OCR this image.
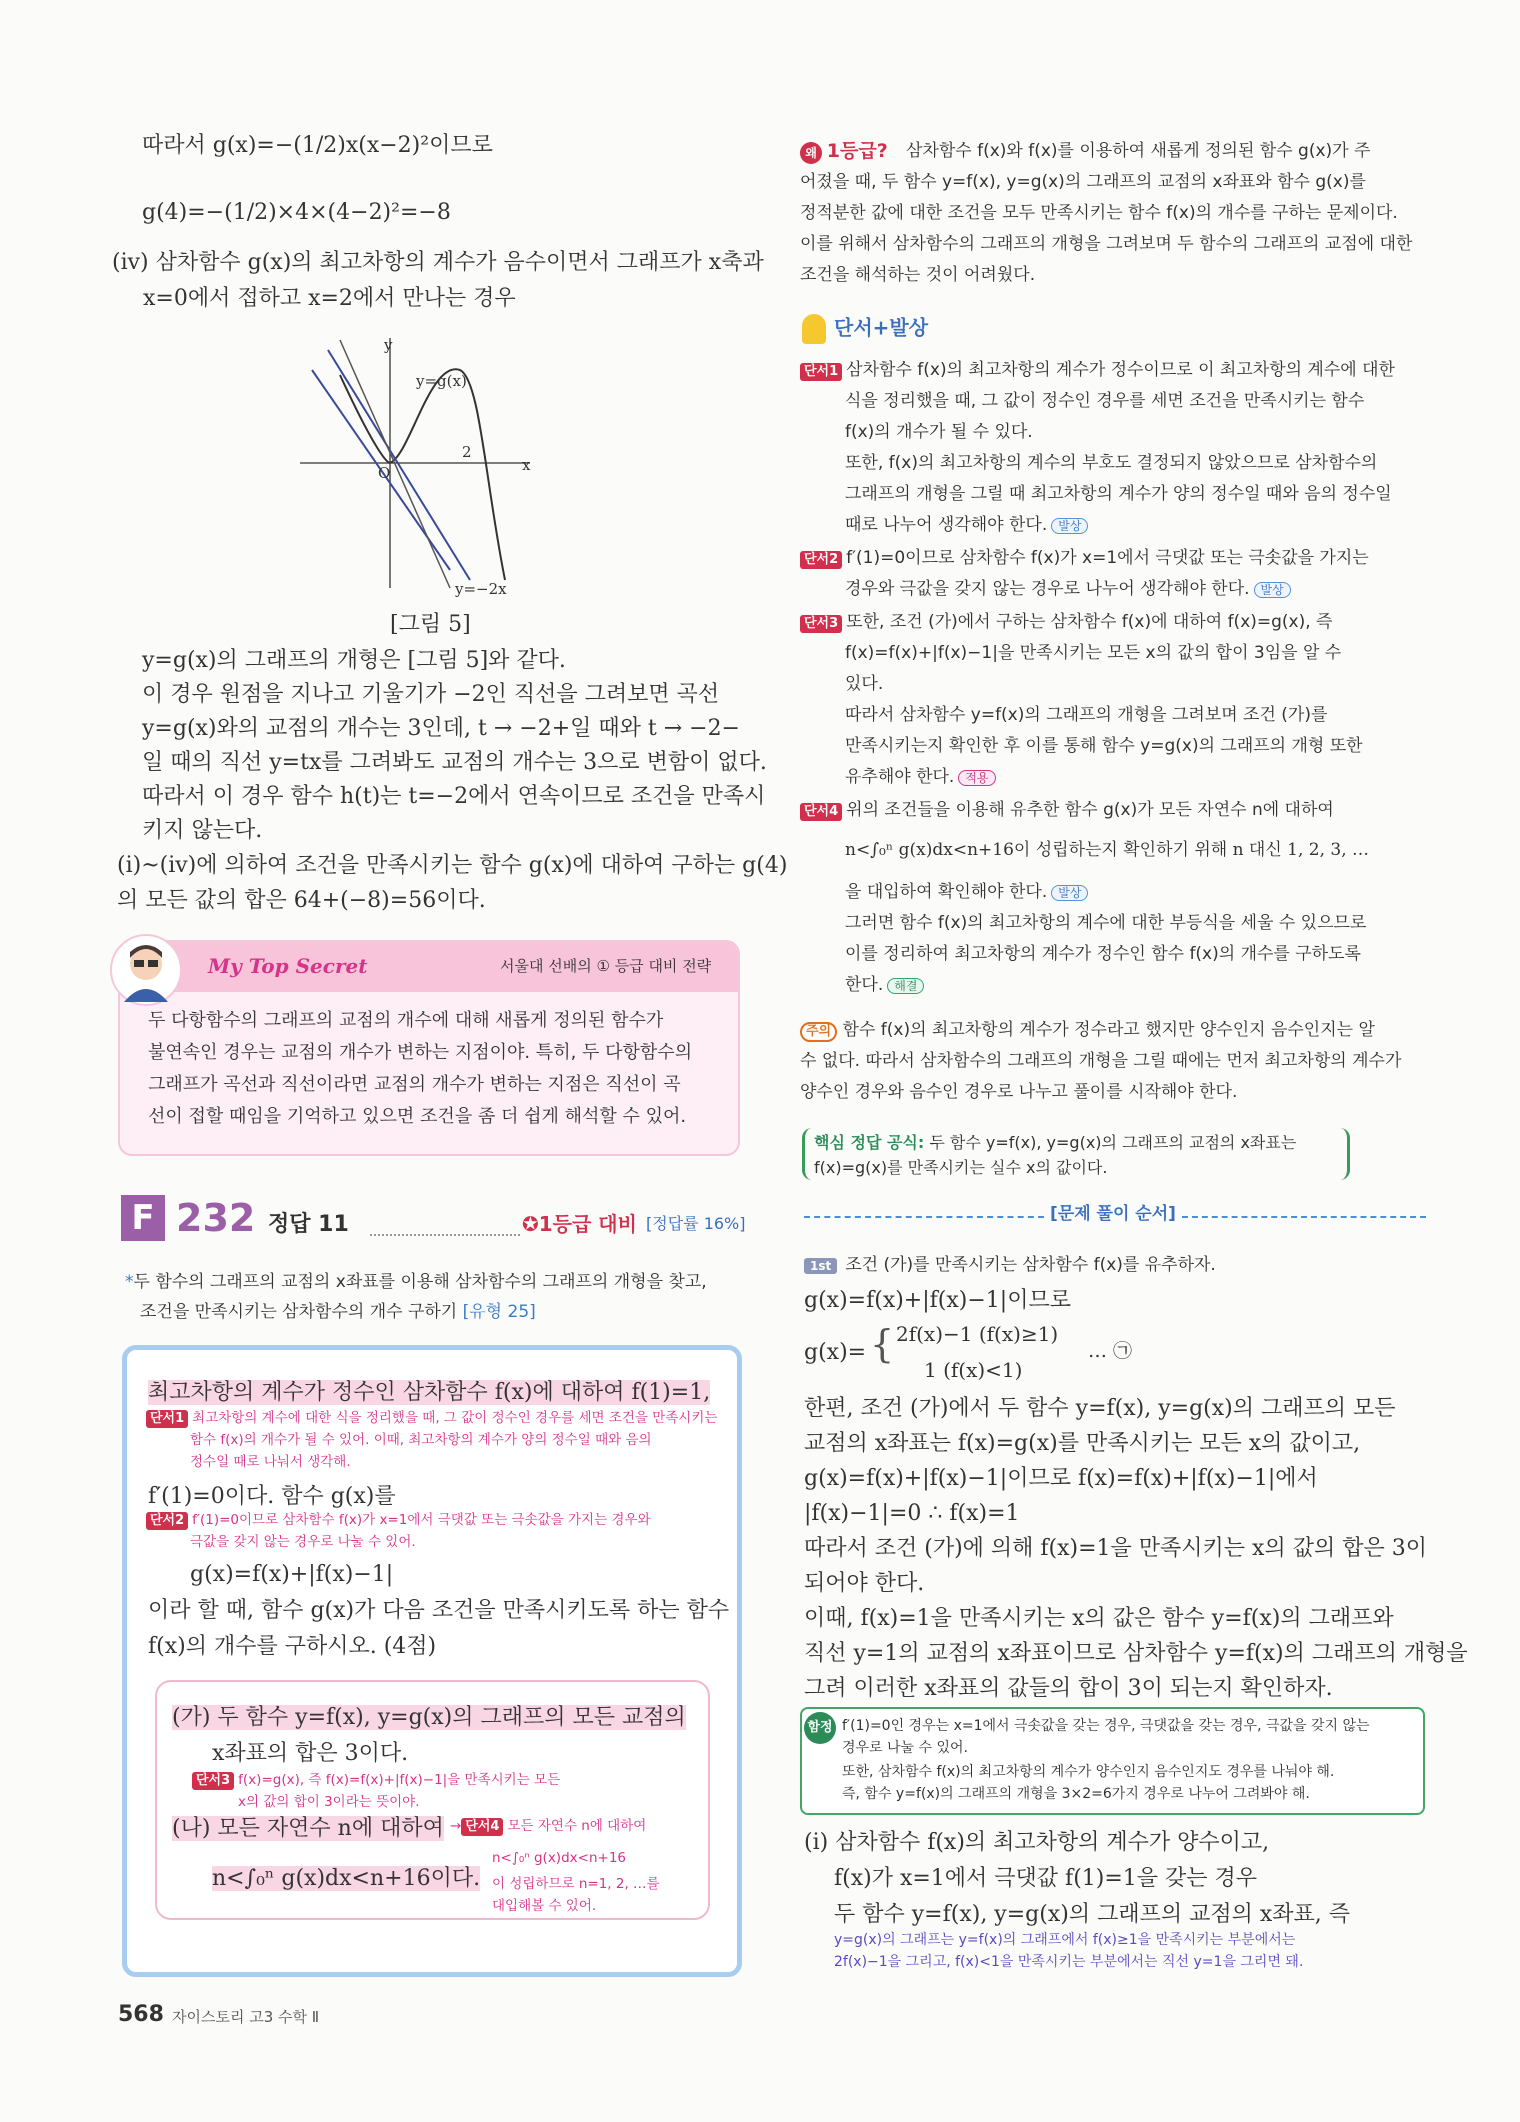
따라서 g(x)=−(1/2)x(x−2)²이므로
g(4)=−(1/2)×4×(4−2)²=−8
(iv) 삼차함수 g(x)의 최고차항의 계수가 음수이면서 그래프가 x축과
x=0에서 접하고 x=2에서 만나는 경우
y
y=g(x)
2
O	x
y=−2x
[그림 5]
y=g(x)의 그래프의 개형은 [그림 5]와 같다.
이 경우 원점을 지나고 기울기가 −2인 직선을 그려보면 곡선
y=g(x)와의 교점의 개수는 3인데, t → −2+일 때와 t → −2−
일 때의 직선 y=tx를 그려봐도 교점의 개수는 3으로 변함이 없다.
따라서 이 경우 함수 h(t)는 t=−2에서 연속이므로 조건을 만족시
키지 않는다.
(i)~(iv)에 의하여 조건을 만족시키는 함수 g(x)에 대하여 구하는 g(4)
의 모든 값의 합은 64+(−8)=56이다.
My Top Secret	서울대 선배의 ① 등급 대비 전략
두 다항함수의 그래프의 교점의 개수에 대해 새롭게 정의된 함수가
불연속인 경우는 교점의 개수가 변하는 지점이야. 특히, 두 다항함수의
그래프가 곡선과 직선이라면 교점의 개수가 변하는 지점은 직선이 곡
선이 접할 때임을 기억하고 있으면 조건을 좀 더 쉽게 해석할 수 있어.
F 232 정답 11	✪1등급 대비 [정답률 16%]
*두 함수의 그래프의 교점의 x좌표를 이용해 삼차함수의 그래프의 개형을 찾고,
조건을 만족시키는 삼차함수의 개수 구하기 [유형 25]
최고차항의 계수가 정수인 삼차함수 f(x)에 대하여 f(1)=1,
단서1 최고차항의 계수에 대한 식을 정리했을 때, 그 값이 정수인 경우를 세면 조건을 만족시키는
함수 f(x)의 개수가 될 수 있어. 이때, 최고차항의 계수가 양의 정수일 때와 음의
정수일 때로 나눠서 생각해.
f′(1)=0이다. 함수 g(x)를
단서2 f′(1)=0이므로 삼차함수 f(x)가 x=1에서 극댓값 또는 극솟값을 가지는 경우와
극값을 갖지 않는 경우로 나눌 수 있어.
g(x)=f(x)+|f(x)−1|
이라 할 때, 함수 g(x)가 다음 조건을 만족시키도록 하는 함수
f(x)의 개수를 구하시오. (4점)
(가) 두 함수 y=f(x), y=g(x)의 그래프의 모든 교점의
x좌표의 합은 3이다.
단서3 f(x)=g(x), 즉 f(x)=f(x)+|f(x)−1|을 만족시키는 모든
x의 값의 합이 3이라는 뜻이야.
(나) 모든 자연수 n에 대하여 → 단서4 모든 자연수 n에 대하여
n<∫₀ⁿ g(x)dx<n+16이다.
n<∫₀ⁿ g(x)dx<n+16
이 성립하므로 n=1, 2, …를
대입해볼 수 있어.
왜 1등급? 삼차함수 f(x)와 f(x)를 이용하여 새롭게 정의된 함수 g(x)가 주
어졌을 때, 두 함수 y=f(x), y=g(x)의 그래프의 교점의 x좌표와 함수 g(x)를
정적분한 값에 대한 조건을 모두 만족시키는 함수 f(x)의 개수를 구하는 문제이다.
이를 위해서 삼차함수의 그래프의 개형을 그려보며 두 함수의 그래프의 교점에 대한
조건을 해석하는 것이 어려웠다.
단서+발상
단서1 삼차함수 f(x)의 최고차항의 계수가 정수이므로 이 최고차항의 계수에 대한
식을 정리했을 때, 그 값이 정수인 경우를 세면 조건을 만족시키는 함수
f(x)의 개수가 될 수 있다.
또한, f(x)의 최고차항의 계수의 부호도 결정되지 않았으므로 삼차함수의
그래프의 개형을 그릴 때 최고차항의 계수가 양의 정수일 때와 음의 정수일
때로 나누어 생각해야 한다. 발상
단서2 f′(1)=0이므로 삼차함수 f(x)가 x=1에서 극댓값 또는 극솟값을 가지는
경우와 극값을 갖지 않는 경우로 나누어 생각해야 한다. 발상
단서3 또한, 조건 (가)에서 구하는 삼차함수 f(x)에 대하여 f(x)=g(x), 즉
f(x)=f(x)+|f(x)−1|을 만족시키는 모든 x의 값의 합이 3임을 알 수
있다.
따라서 삼차함수 y=f(x)의 그래프의 개형을 그려보며 조건 (가)를
만족시키는지 확인한 후 이를 통해 함수 y=g(x)의 그래프의 개형 또한
유추해야 한다. 적용
단서4 위의 조건들을 이용해 유추한 함수 g(x)가 모든 자연수 n에 대하여
n<∫₀ⁿ g(x)dx<n+16이 성립하는지 확인하기 위해 n 대신 1, 2, 3, …
을 대입하여 확인해야 한다. 발상
그러면 함수 f(x)의 최고차항의 계수에 대한 부등식을 세울 수 있으므로
이를 정리하여 최고차항의 계수가 정수인 함수 f(x)의 개수를 구하도록
한다. 해결
주의 함수 f(x)의 최고차항의 계수가 정수라고 했지만 양수인지 음수인지는 알
수 없다. 따라서 삼차함수의 그래프의 개형을 그릴 때에는 먼저 최고차항의 계수가
양수인 경우와 음수인 경우로 나누고 풀이를 시작해야 한다.
핵심 정답 공식: 두 함수 y=f(x), y=g(x)의 그래프의 교점의 x좌표는
f(x)=g(x)를 만족시키는 실수 x의 값이다.
[문제 풀이 순서]
1st 조건 (가)를 만족시키는 삼차함수 f(x)를 유추하자.
g(x)=f(x)+|f(x)−1|이므로
g(x)= { 2f(x)−1 (f(x)≥1)
1 (f(x)<1)
… ㉠
한편, 조건 (가)에서 두 함수 y=f(x), y=g(x)의 그래프의 모든
교점의 x좌표는 f(x)=g(x)를 만족시키는 모든 x의 값이고,
g(x)=f(x)+|f(x)−1|이므로 f(x)=f(x)+|f(x)−1|에서
|f(x)−1|=0 ∴ f(x)=1
따라서 조건 (가)에 의해 f(x)=1을 만족시키는 x의 값의 합은 3이
되어야 한다.
이때, f(x)=1을 만족시키는 x의 값은 함수 y=f(x)의 그래프와
직선 y=1의 교점의 x좌표이므로 삼차함수 y=f(x)의 그래프의 개형을
그려 이러한 x좌표의 값들의 합이 3이 되는지 확인하자.
함정 f′(1)=0인 경우는 x=1에서 극솟값을 갖는 경우, 극댓값을 갖는 경우, 극값을 갖지 않는
경우로 나눌 수 있어.
또한, 삼차함수 f(x)의 최고차항의 계수가 양수인지 음수인지도 경우를 나눠야 해.
즉, 함수 y=f(x)의 그래프의 개형을 3×2=6가지 경우로 나누어 그려봐야 해.
(i) 삼차함수 f(x)의 최고차항의 계수가 양수이고,
f(x)가 x=1에서 극댓값 f(1)=1을 갖는 경우
두 함수 y=f(x), y=g(x)의 그래프의 교점의 x좌표, 즉
y=g(x)의 그래프는 y=f(x)의 그래프에서 f(x)≥1을 만족시키는 부분에서는
2f(x)−1을 그리고, f(x)<1을 만족시키는 부분에서는 직선 y=1을 그리면 돼.
568 자이스토리 고3 수학 Ⅱ
